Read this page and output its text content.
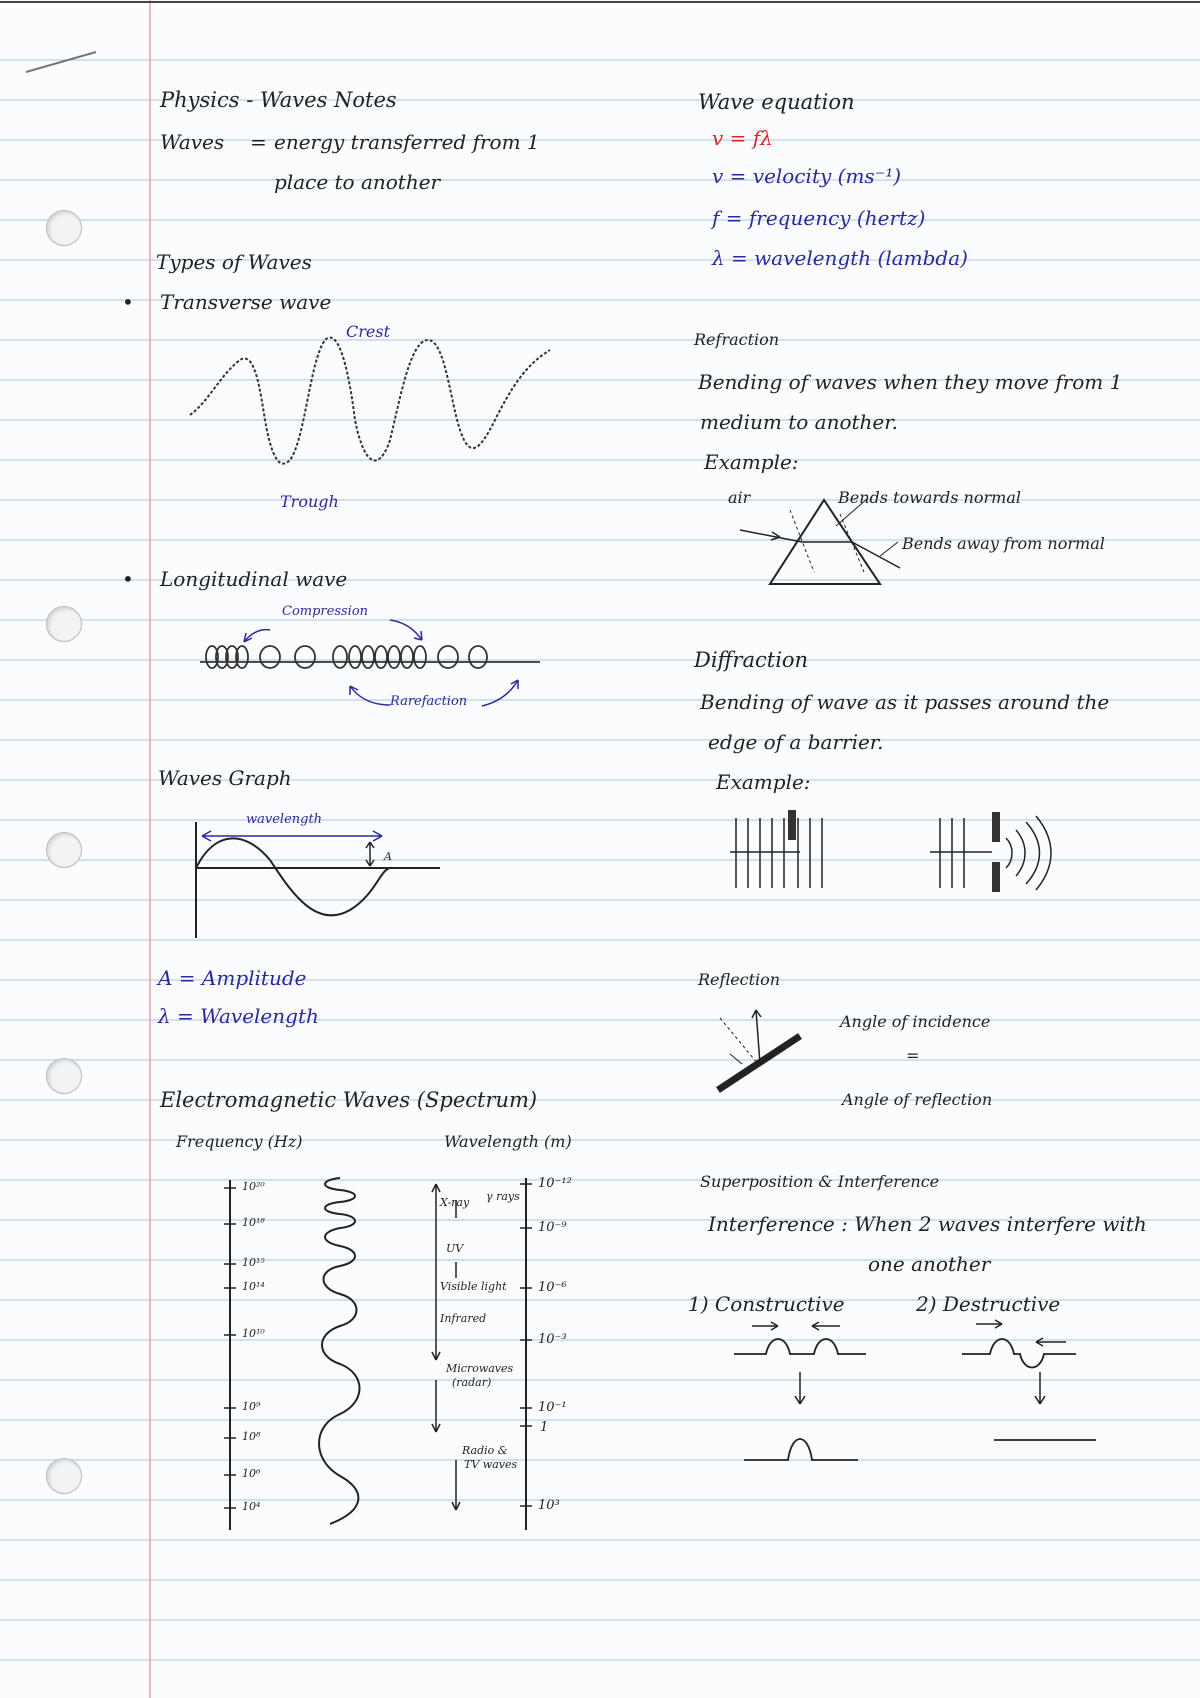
Physics - Waves Notes
Waves = energy transferred from 1
place to another
Types of Waves
• Transverse wave
Crest
Trough
• Longitudinal wave
Compression
Rarefaction
Waves Graph
wavelength
A
A = Amplitude
λ = Wavelength
Electromagnetic Waves (Spectrum)
Frequency (Hz)	Wavelength (m)
10²⁰
10¹⁸
10¹⁵
10¹⁴
10¹⁰
10⁹
10⁸
10⁶
10⁴
10⁻¹²
10⁻⁹
10⁻⁶
10⁻³
10⁻¹
1
10³
X-ray γ rays
UV
Visible light
Infrared
Microwaves
(radar)
Radio &
TV waves
Wave equation
v = fλ
v = velocity (ms⁻¹)
f = frequency (hertz)
λ = wavelength (lambda)
Refraction
Bending of waves when they move from 1
medium to another.
Example:
air	Bends towards normal
Bends away from normal
Diffraction
Bending of wave as it passes around the
edge of a barrier.
Example:
Reflection
Angle of incidence
=
Angle of reflection
Superposition & Interference
Interference : When 2 waves interfere with
one another
1) Constructive	2) Destructive
